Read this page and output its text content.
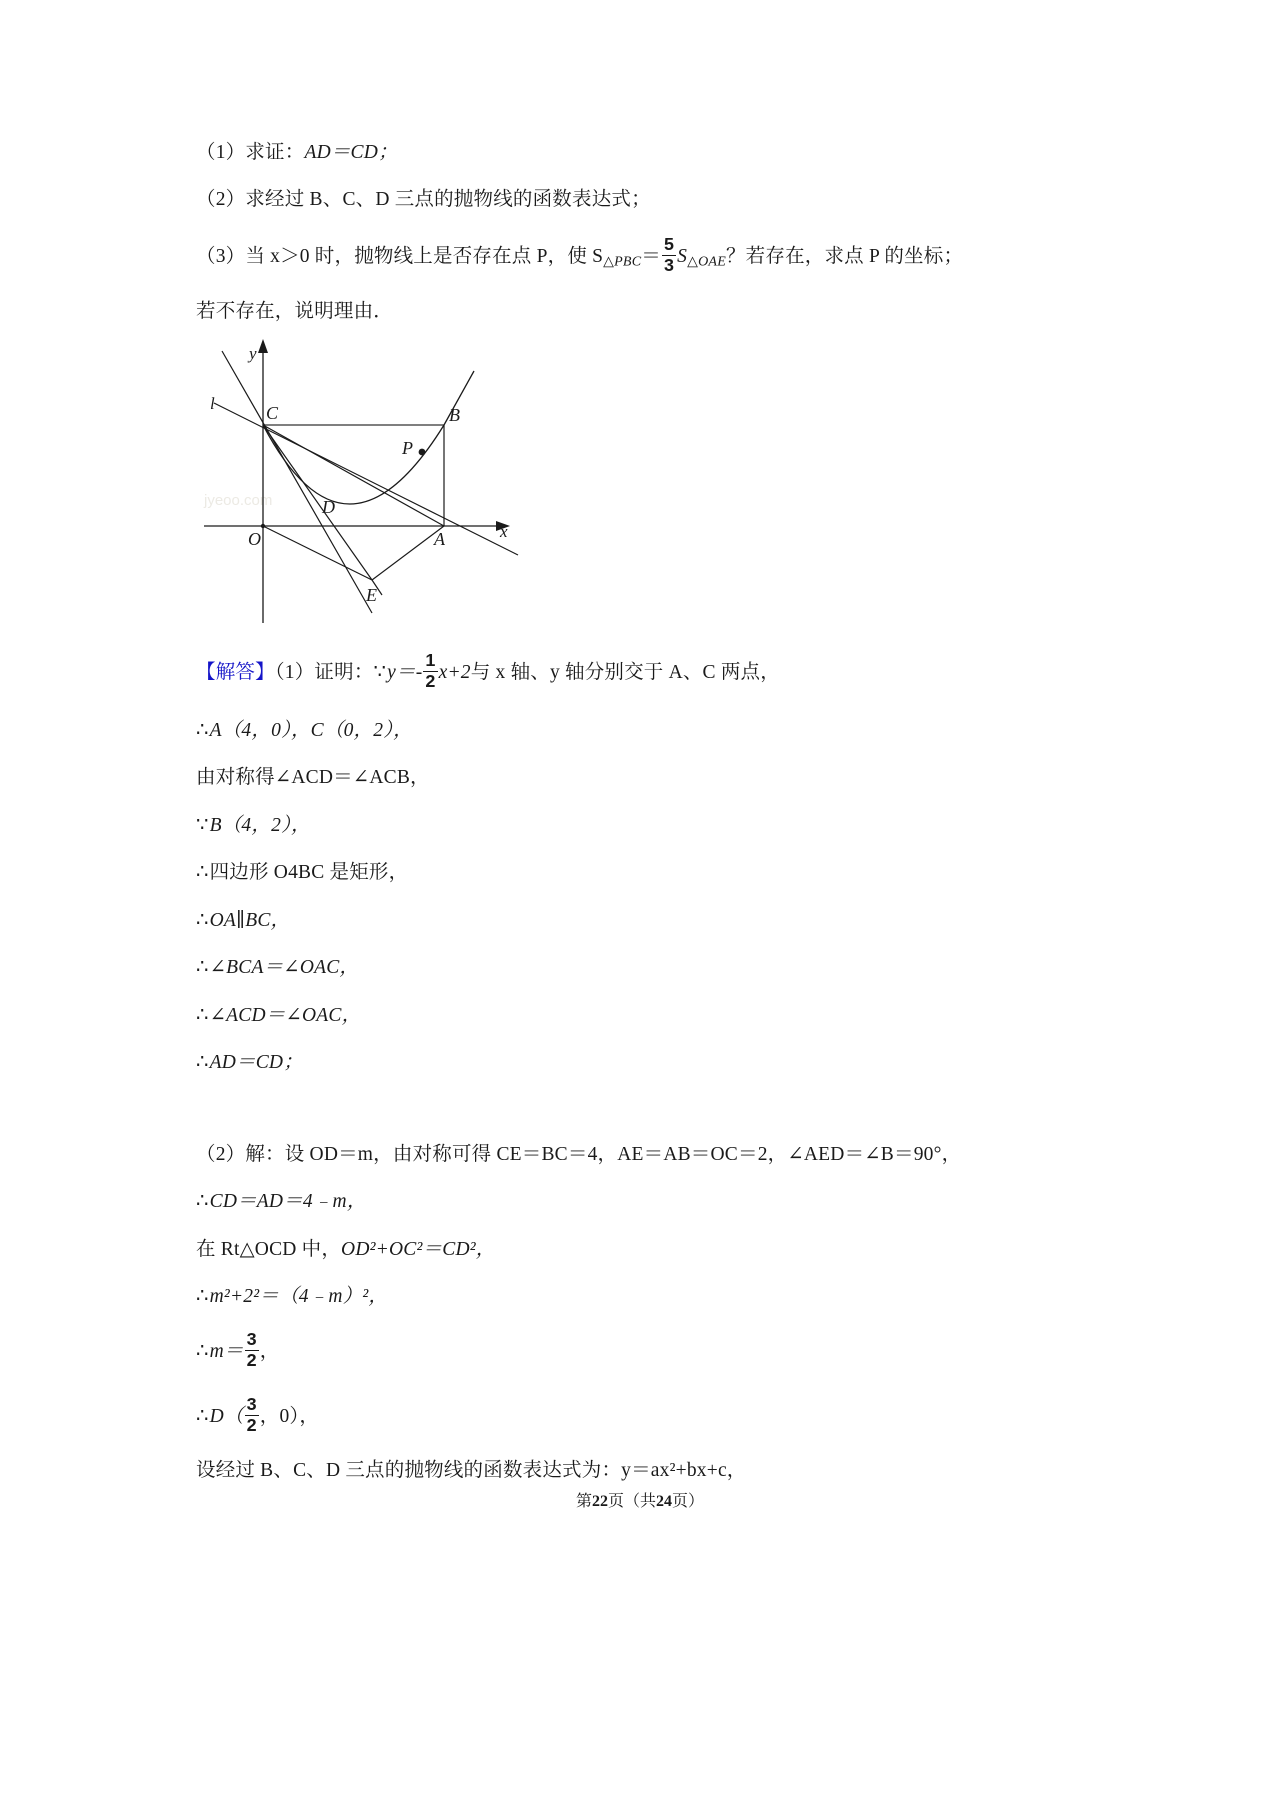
（1）求证：AD＝CD；
（2）求经过 B、C、D 三点的抛物线的函数表达式；
（3）当 x＞0 时，抛物线上是否存在点 P，使 $S_{\triangle PBC}= \frac{5}{3} S_{\triangle OAE}$？若存在，求点 P 的坐标；
若不存在，说明理由．
jyeoo.com
l
y
x
C	B
P
D
O	A
E
【解答】（1）证明：∵y＝- $\frac{1}{2} x+2$与 x 轴、y 轴分别交于 A、C 两点，
∴A（4，0），C（0，2），
由对称得∠ACD＝∠ACB，
∵B（4，2），
∴四边形 O4BC 是矩形，
∴OA∥BC，
∴∠BCA＝∠OAC，
∴∠ACD＝∠OAC，
∴AD＝CD；
（2）解：设 OD＝m，由对称可得 CE＝BC＝4，AE＝AB＝OC＝2，∠AED＝∠B＝90°，
∴CD＝AD＝4﹣m，
在 Rt△OCD 中，OD²+OC²＝CD²，
∴m²+2²＝（4﹣m）²，
∴m＝ $\frac{3}{2}$ ，
∴D（ $\frac{3}{2}$ ，0），
设经过 B、C、D 三点的抛物线的函数表达式为：y＝ax²+bx+c，
第22页（共24页）
